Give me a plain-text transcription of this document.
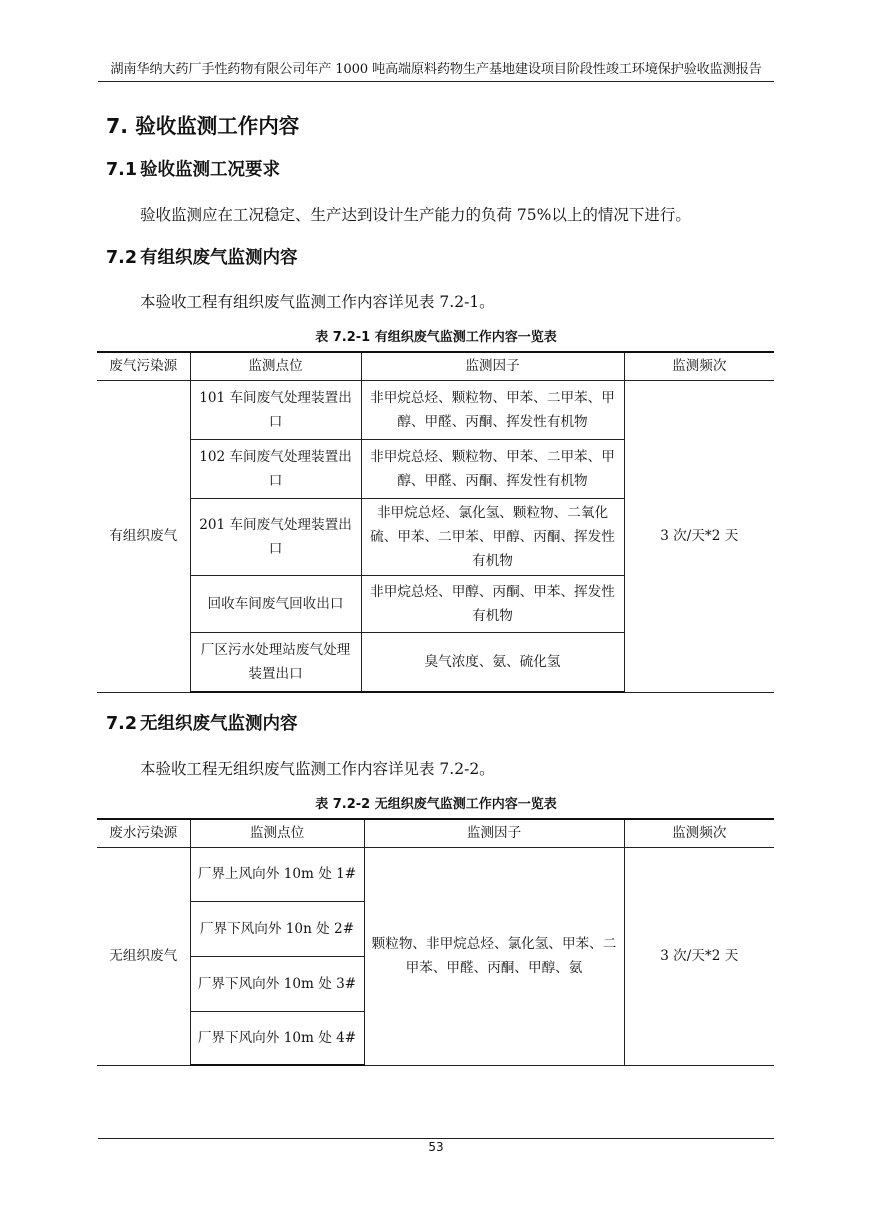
湖南华纳大药厂手性药物有限公司年产 1000 吨高端原料药物生产基地建设项目阶段性竣工环境保护验收监测报告
7. 验收监测工作内容
7.1 验收监测工况要求
验收监测应在工况稳定、生产达到设计生产能力的负荷 75%以上的情况下进行。
7.2 有组织废气监测内容
本验收工程有组织废气监测工作内容详见表 7.2-1。
表 7.2-1 有组织废气监测工作内容一览表
废气污染源	监测点位	监测因子	监测频次
有组织废气	101 车间废气处理装置出口	非甲烷总烃、颗粒物、甲苯、二甲苯、甲醇、甲醛、丙酮、挥发性有机物	3 次/天*2 天
	102 车间废气处理装置出口	非甲烷总烃、颗粒物、甲苯、二甲苯、甲醇、甲醛、丙酮、挥发性有机物	
	201 车间废气处理装置出口	非甲烷总烃、氯化氢、颗粒物、二氧化硫、甲苯、二甲苯、甲醇、丙酮、挥发性有机物	
	回收车间废气回收出口	非甲烷总烃、甲醇、丙酮、甲苯、挥发性有机物	
	厂区污水处理站废气处理装置出口	臭气浓度、氨、硫化氢	
7.2 无组织废气监测内容
本验收工程无组织废气监测工作内容详见表 7.2-2。
表 7.2-2 无组织废气监测工作内容一览表
废水污染源	监测点位	监测因子	监测频次
无组织废气	厂界上风向外 10m 处 1#	颗粒物、非甲烷总烃、氯化氢、甲苯、二甲苯、甲醛、丙酮、甲醇、氨	3 次/天*2 天
	厂界下风向外 10n 处 2#		
	厂界下风向外 10m 处 3#		
	厂界下风向外 10m 处 4#		
53
